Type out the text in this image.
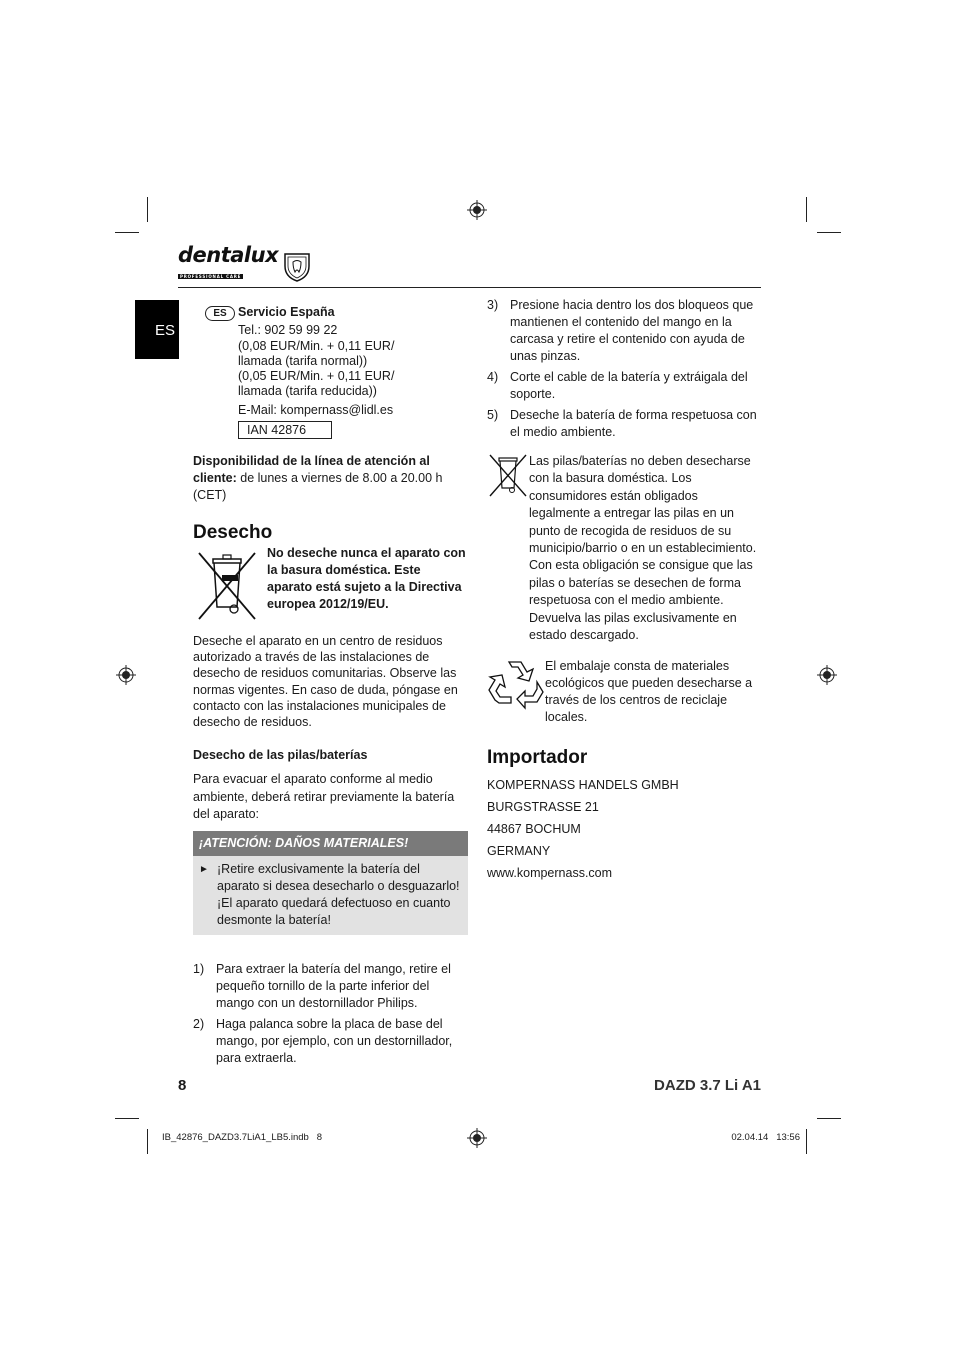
dentalux
PROFESSIONAL CARE
ES
ES Servicio España
Tel.: 902 59 99 22
(0,08 EUR/Min. + 0,11 EUR/
llamada (tarifa normal))
(0,05 EUR/Min. + 0,11 EUR/
llamada (tarifa reducida))
E-Mail: kompernass@lidl.es
IAN 42876
Disponibilidad de la línea de atención al cliente: de lunes a viernes de 8.00 a 20.00 h (CET)
Desecho
No deseche nunca el aparato con la basura doméstica. Este aparato está sujeto a la Directiva europea 2012/19/EU.
Deseche el aparato en un centro de residuos autorizado a través de las instalaciones de desecho de residuos comunitarias. Observe las normas vigentes. En caso de duda, póngase en contacto con las instalaciones municipales de desecho de residuos.
Desecho de las pilas/baterías
Para evacuar el aparato conforme al medio ambiente, deberá retirar previamente la batería del aparato:
¡ATENCIÓN: DAÑOS MATERIALES!
► ¡Retire exclusivamente la batería del aparato si desea desecharlo o desguazarlo! ¡El aparato quedará defectuoso en cuanto desmonte la batería!
1) Para extraer la batería del mango, retire el pequeño tornillo de la parte inferior del mango con un destornillador Philips.
2) Haga palanca sobre la placa de base del mango, por ejemplo, con un destornillador, para extraerla.
3) Presione hacia dentro los dos bloqueos que mantienen el contenido del mango en la carcasa y retire el contenido con ayuda de unas pinzas.
4) Corte el cable de la batería y extráigala del soporte.
5) Deseche la batería de forma respetuosa con el medio ambiente.
Las pilas/baterías no deben desecharse con la basura doméstica. Los consumidores están obligados legalmente a entregar las pilas en un punto de recogida de residuos de su municipio/barrio o en un establecimiento. Con esta obligación se consigue que las pilas o baterías se desechen de forma respetuosa con el medio ambiente. Devuelva las pilas exclusivamente en estado descargado.
El embalaje consta de materiales ecológicos que pueden desecharse a través de los centros de reciclaje locales.
Importador
KOMPERNASS HANDELS GMBH
BURGSTRASSE 21
44867 BOCHUM
GERMANY
www.kompernass.com
8	DAZD 3.7 Li A1
IB_42876_DAZD3.7LiA1_LB5.indb   8	02.04.14   13:56
